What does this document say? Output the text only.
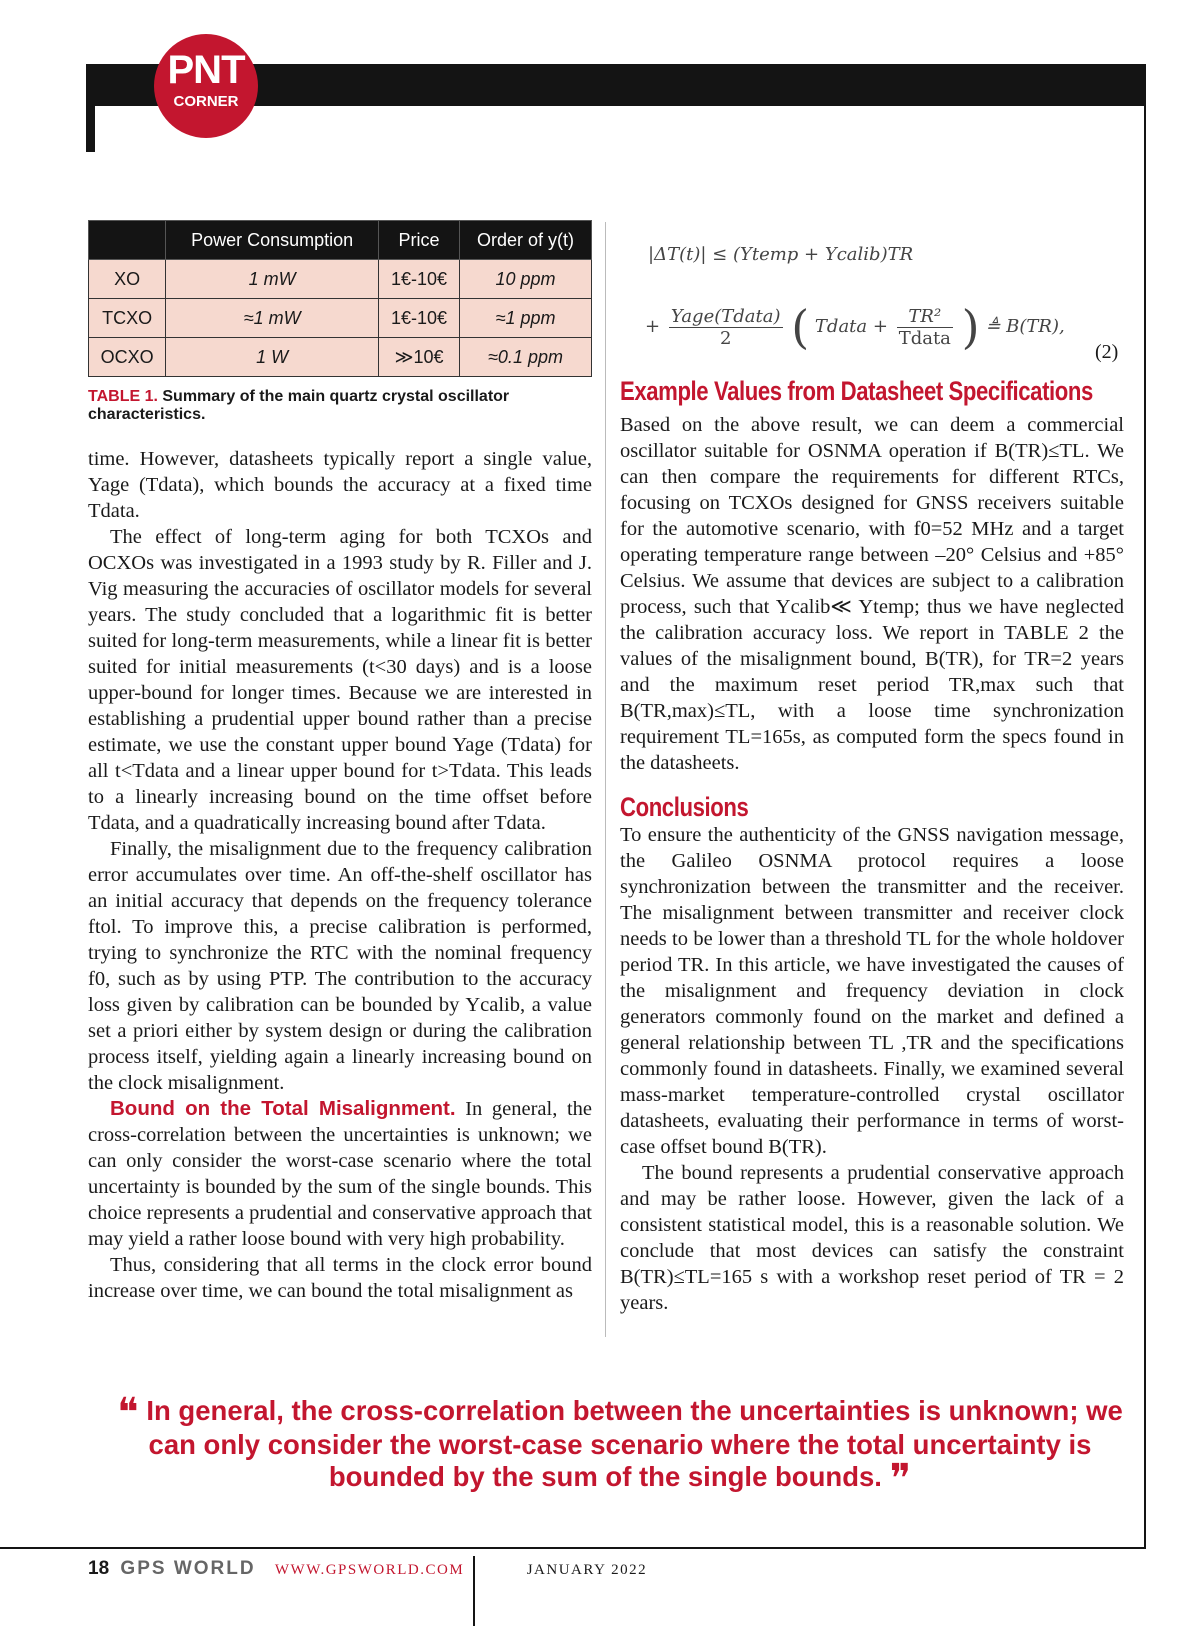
PNT
CORNER
	Power Consumption	Price	Order of y(t)
XO	1 mW	1€-10€	10 ppm
TCXO	≈1 mW	1€-10€	≈1 ppm
OCXO	1 W	≫10€	≈0.1 ppm
TABLE 1. Summary of the main quartz crystal oscillator characteristics.
|ΔT(t)| ≤ (Ytemp + Ycalib)TR
+ $\frac{\text{Yage(Tdata)}}{2}$ ( Tdata + $\frac{\text{TR²}}{\text{Tdata}}$ ) ≜ B(TR),
(2)

time. However, datasheets typically report a single value, Yage (Tdata), which bounds the accuracy at a fixed time Tdata.

The effect of long-term aging for both TCXOs and OCXOs was investigated in a 1993 study by R. Filler and J. Vig measuring the accuracies of oscillator models for several years. The study concluded that a logarithmic fit is better suited for long-term measurements, while a linear fit is better suited for initial measurements (t<30 days) and is a loose upper-bound for longer times. Because we are interested in establishing a prudential upper bound rather than a precise estimate, we use the constant upper bound Yage (Tdata) for all t<Tdata and a linear upper bound for t>Tdata. This leads to a linearly increasing bound on the time offset before Tdata, and a quadratically increasing bound after Tdata.

Finally, the misalignment due to the frequency calibration error accumulates over time. An off-the-shelf oscillator has an initial accuracy that depends on the frequency tolerance ftol. To improve this, a precise calibration is performed, trying to synchronize the RTC with the nominal frequency f0, such as by using PTP. The contribution to the accuracy loss given by calibration can be bounded by Ycalib, a value set a priori either by system design or during the calibration process itself, yielding again a linearly increasing bound on the clock misalignment.

Bound on the Total Misalignment. In general, the cross-correlation between the uncertainties is unknown; we can only consider the worst-case scenario where the total uncertainty is bounded by the sum of the single bounds. This choice represents a prudential and conservative approach that may yield a rather loose bound with very high probability.

Thus, considering that all terms in the clock error bound increase over time, we can bound the total misalignment as

Example Values from Datasheet Specifications

Based on the above result, we can deem a commercial oscillator suitable for OSNMA operation if B(TR)≤TL. We can then compare the requirements for different RTCs, focusing on TCXOs designed for GNSS receivers suitable for the automotive scenario, with f0=52 MHz and a target operating temperature range between –20° Celsius and +85° Celsius. We assume that devices are subject to a calibration process, such that Ycalib≪ Ytemp; thus we have neglected the calibration accuracy loss. We report in TABLE 2 the values of the misalignment bound, B(TR), for TR=2 years and the maximum reset period TR,max such that B(TR,max)≤TL, with a loose time synchronization requirement TL=165s, as computed form the specs found in the datasheets.

Conclusions

To ensure the authenticity of the GNSS navigation message, the Galileo OSNMA protocol requires a loose synchronization between the transmitter and the receiver. The misalignment between transmitter and receiver clock needs to be lower than a threshold TL for the whole holdover period TR. In this article, we have investigated the causes of the misalignment and frequency deviation in clock generators commonly found on the market and defined a general relationship between TL ,TR and the specifications commonly found in datasheets. Finally, we examined several mass-market temperature-controlled crystal oscillator datasheets, evaluating their performance in terms of worst-case offset bound B(TR).

The bound represents a prudential conservative approach and may be rather loose. However, given the lack of a consistent statistical model, this is a reasonable solution. We conclude that most devices can satisfy the constraint B(TR)≤TL=165 s with a workshop reset period of TR = 2 years.

❝ In general, the cross-correlation between the uncertainties is unknown; we can only consider the worst-case scenario where the total uncertainty is bounded by the sum of the single bounds. ❞
18 GPS WORLD WWW.GPSWORLD.COM	JANUARY 2022
